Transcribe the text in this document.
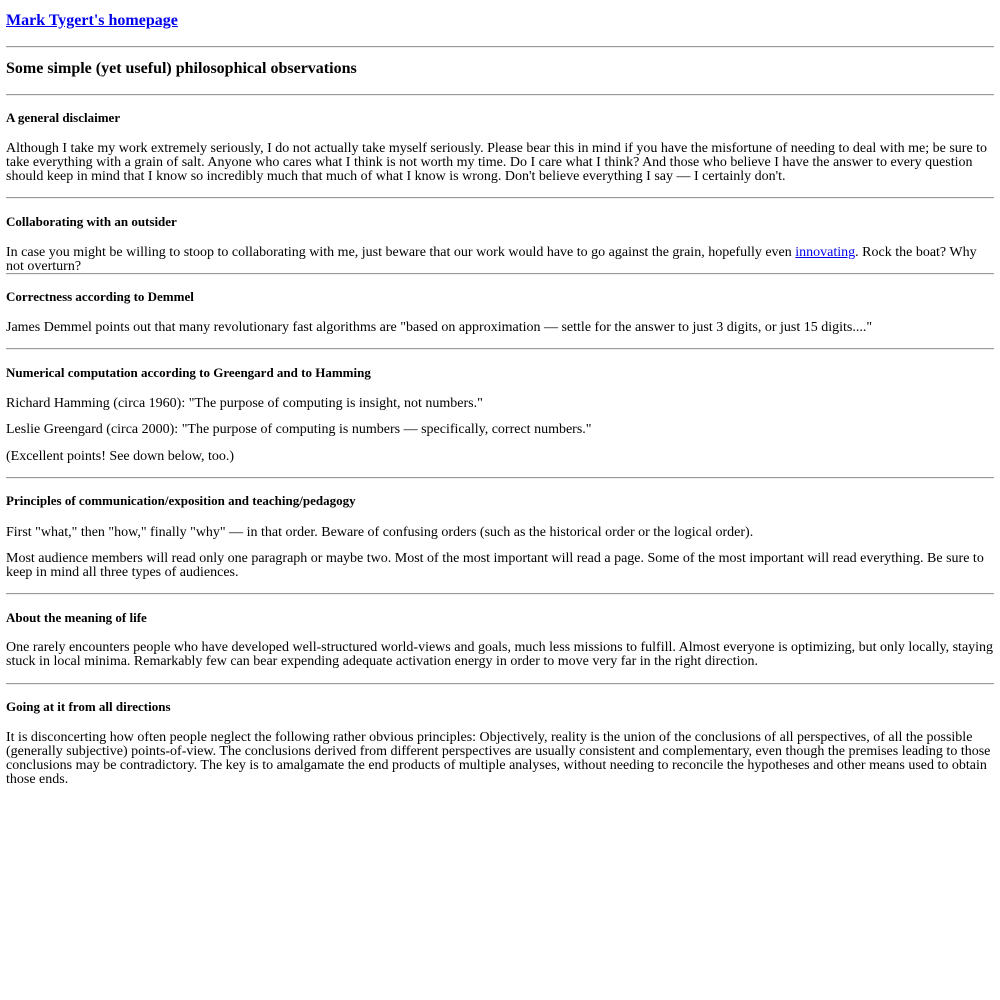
Mark Tygert's homepage
Some simple (yet useful) philosophical observations
A general disclaimer

Although I take my work extremely seriously, I do not actually take myself seriously. Please bear this in mind if you have the misfortune of needing to deal with me; be sure to take everything with a grain of salt. Anyone who cares what I think is not worth my time. Do I care what I think? And those who believe I have the answer to every question should keep in mind that I know so incredibly much that much of what I know is wrong. Don't believe everything I say — I certainly don't.

Collaborating with an outsider

In case you might be willing to stoop to collaborating with me, just beware that our work would have to go against the grain, hopefully even innovating. Rock the boat? Why not overturn?

Correctness according to Demmel

James Demmel points out that many revolutionary fast algorithms are "based on approximation — settle for the answer to just 3 digits, or just 15 digits...."

Numerical computation according to Greengard and to Hamming

Richard Hamming (circa 1960): "The purpose of computing is insight, not numbers."

Leslie Greengard (circa 2000): "The purpose of computing is numbers — specifically, correct numbers."

(Excellent points! See down below, too.)

Principles of communication/exposition and teaching/pedagogy

First "what," then "how," finally "why" — in that order. Beware of confusing orders (such as the historical order or the logical order).

Most audience members will read only one paragraph or maybe two. Most of the most important will read a page. Some of the most important will read everything. Be sure to keep in mind all three types of audiences.

About the meaning of life

One rarely encounters people who have developed well-structured world-views and goals, much less missions to fulfill. Almost everyone is optimizing, but only locally, staying stuck in local minima. Remarkably few can bear expending adequate activation energy in order to move very far in the right direction.

Going at it from all directions

It is disconcerting how often people neglect the following rather obvious principles: Objectively, reality is the union of the conclusions of all perspectives, of all the possible (generally subjective) points-of-view. The conclusions derived from different perspectives are usually consistent and complementary, even though the premises leading to those conclusions may be contradictory. The key is to amalgamate the end products of multiple analyses, without needing to reconcile the hypotheses and other means used to obtain those ends.
